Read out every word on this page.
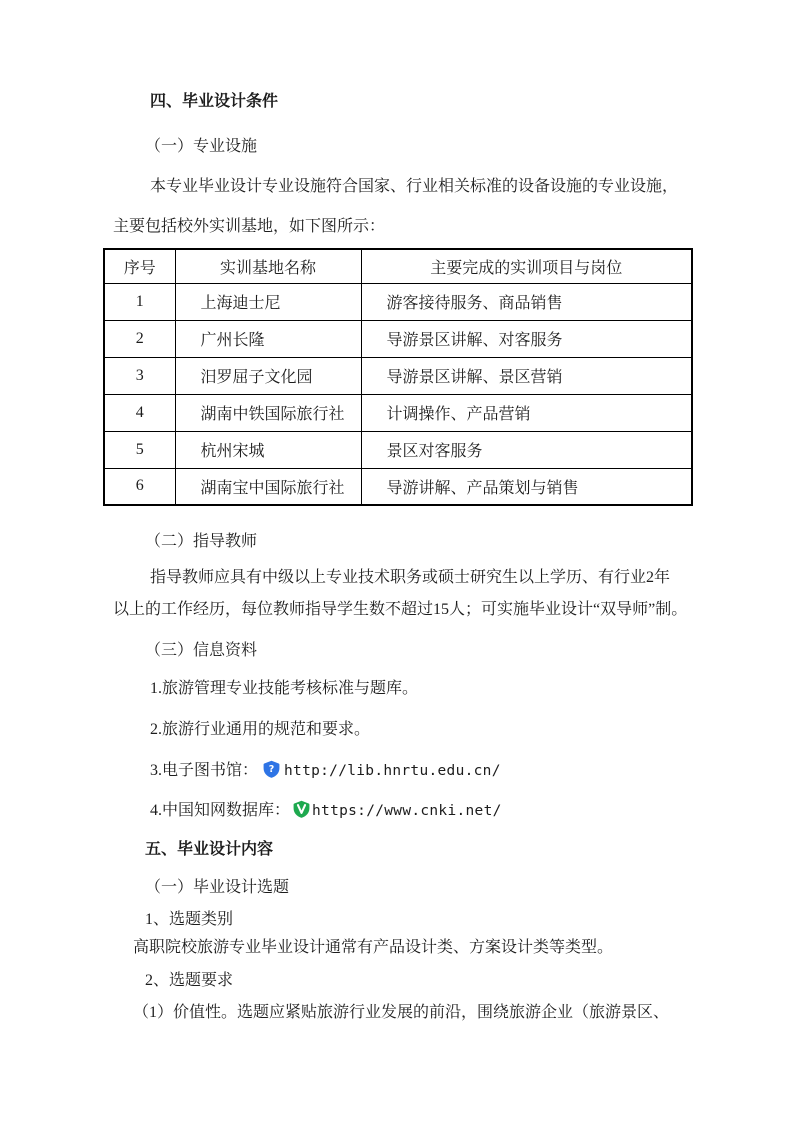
四、毕业设计条件
（一）专业设施
本专业毕业设计专业设施符合国家、行业相关标准的设备设施的专业设施，
主要包括校外实训基地，如下图所示：
序号	实训基地名称	主要完成的实训项目与岗位
1	上海迪士尼	游客接待服务、商品销售
2	广州长隆	导游景区讲解、对客服务
3	汨罗屈子文化园	导游景区讲解、景区营销
4	湖南中铁国际旅行社	计调操作、产品营销
5	杭州宋城	景区对客服务
6	湖南宝中国际旅行社	导游讲解、产品策划与销售
（二）指导教师
指导教师应具有中级以上专业技术职务或硕士研究生以上学历、有行业2年
以上的工作经历，每位教师指导学生数不超过15人；可实施毕业设计“双导师”制。
（三）信息资料
1.旅游管理专业技能考核标准与题库。
2.旅游行业通用的规范和要求。
3.电子图书馆： ? http://lib.hnrtu.edu.cn/
4.中国知网数据库： https://www.cnki.net/
五、毕业设计内容
（一）毕业设计选题
1、选题类别
高职院校旅游专业毕业设计通常有产品设计类、方案设计类等类型。
2、选题要求
（1）价值性。选题应紧贴旅游行业发展的前沿，围绕旅游企业（旅游景区、
